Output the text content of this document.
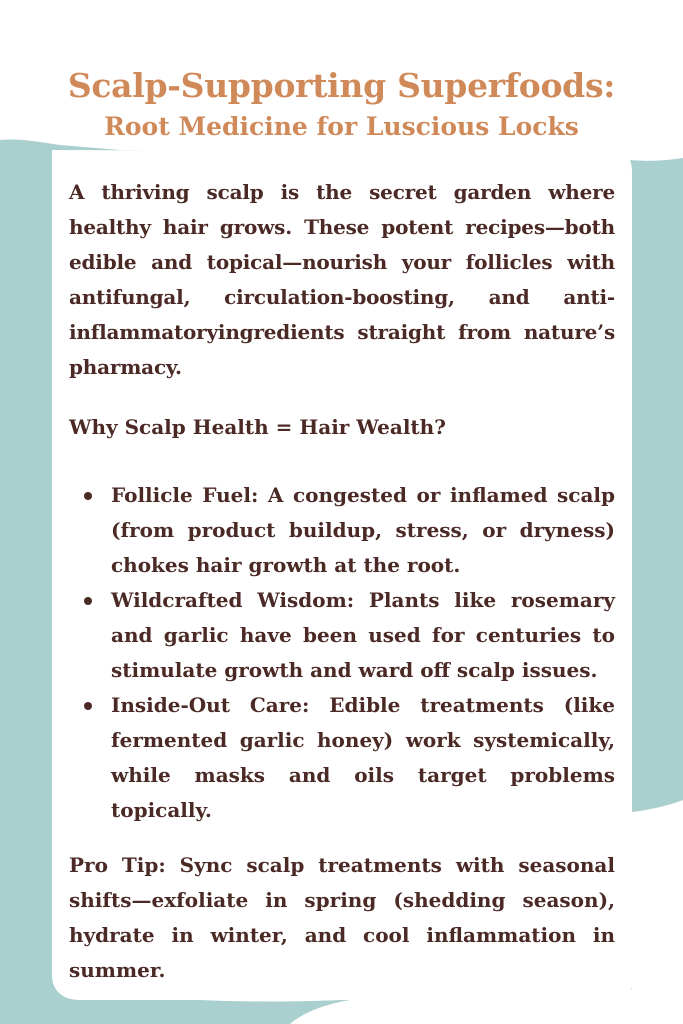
Scalp-Supporting Superfoods:
Root Medicine for Luscious Locks

A thriving scalp is the secret garden where healthy hair grows. These potent recipes—both edible and topical—nourish your follicles with antifungal, circulation-boosting, and anti-inflammatoryingredients straight from nature’s pharmacy.

Why Scalp Health = Hair Wealth?

Follicle Fuel: A congested or inflamed scalp (from product buildup, stress, or dryness) chokes hair growth at the root.
Wildcrafted Wisdom: Plants like rosemary and garlic have been used for centuries to stimulate growth and ward off scalp issues.
Inside-Out Care: Edible treatments (like fermented garlic honey) work systemically, while masks and oils target problems topically.

Pro Tip: Sync scalp treatments with seasonal shifts—exfoliate in spring (shedding season), hydrate in winter, and cool inflammation in summer.
